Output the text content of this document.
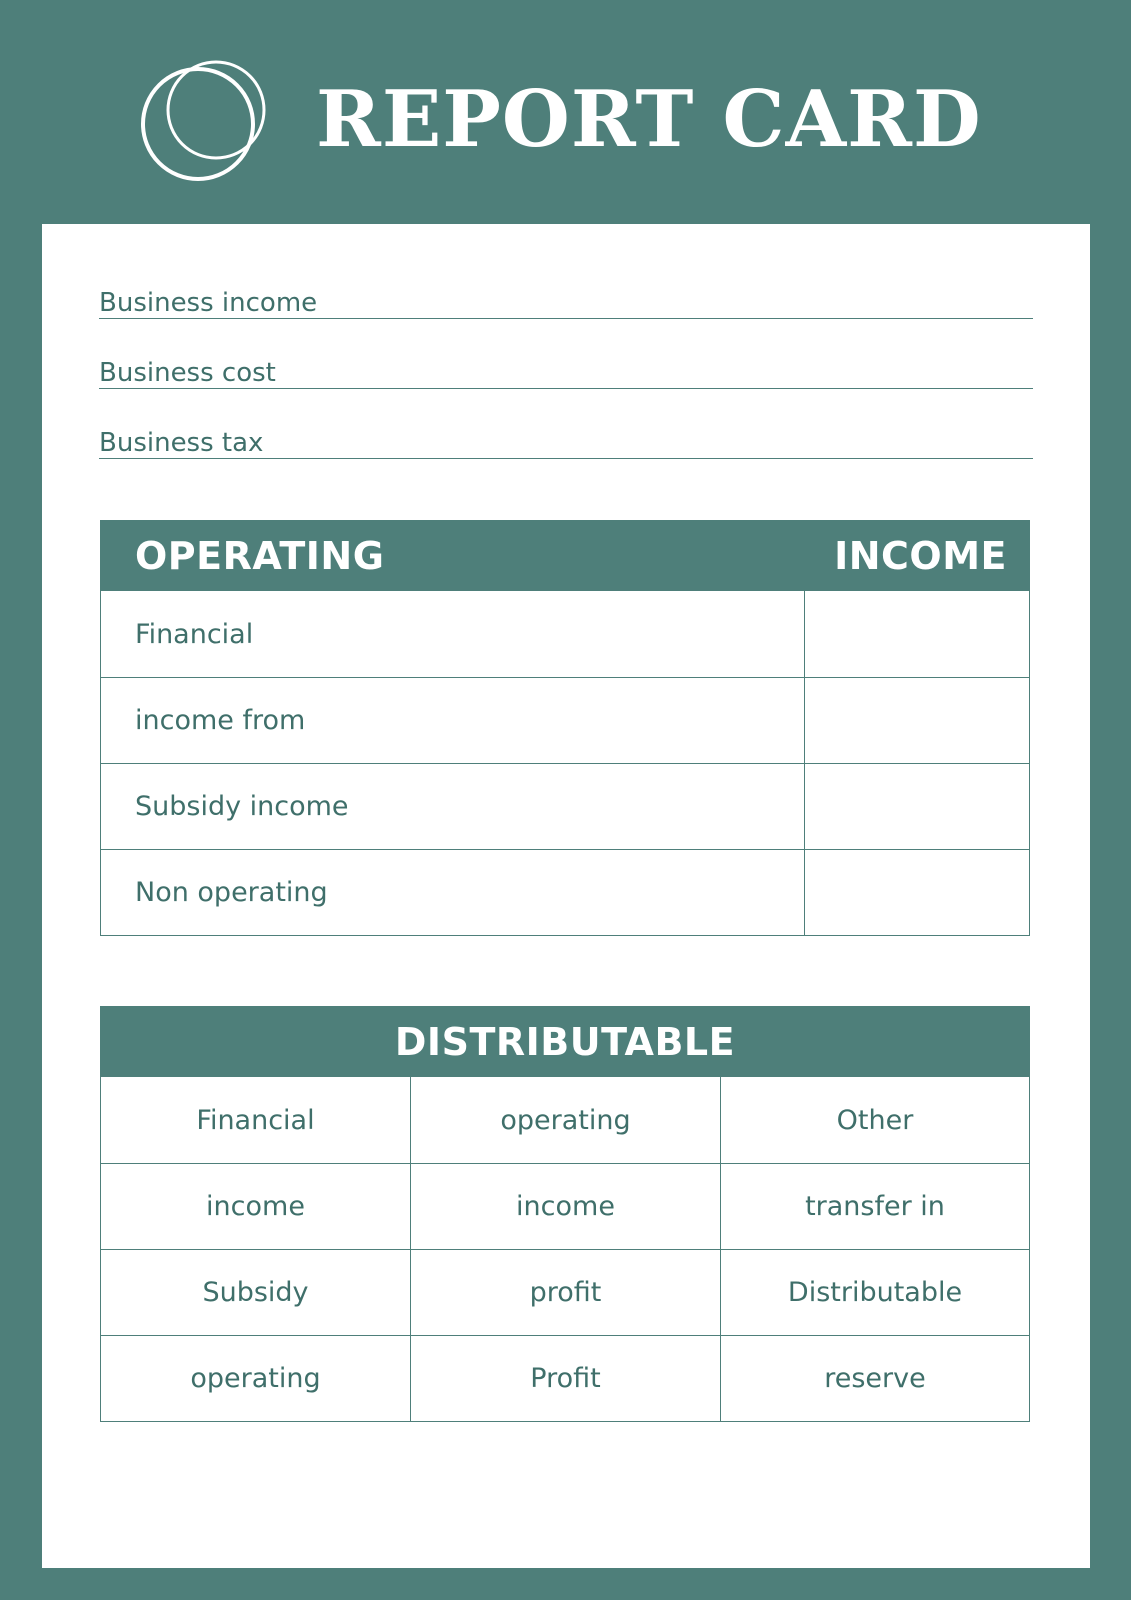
REPORT CARD
Business income
Business cost
Business tax
OPERATING	INCOME
Financial
income from
Subsidy income
Non operating
DISTRIBUTABLE
Financial	operating	Other
income	income	transfer in
Subsidy	profit	Distributable
operating	Profit	reserve
